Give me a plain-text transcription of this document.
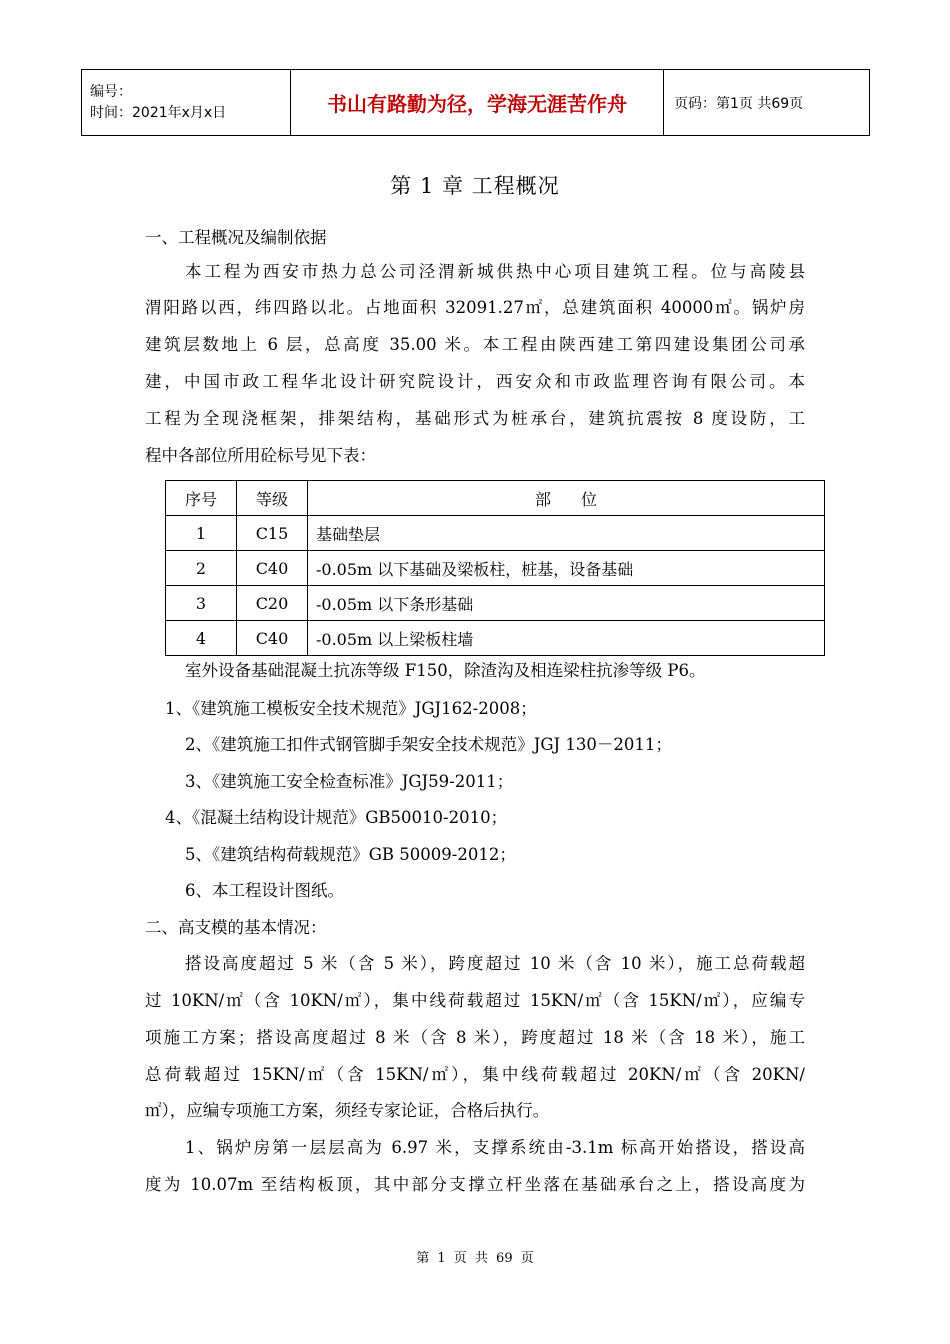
编号：
时间：2021年x月x日	书山有路勤为径，学海无涯苦作舟	页码：第1页 共69页
第 1 章 工程概况
一、工程概况及编制依据
本工程为西安市热力总公司泾渭新城供热中心项目建筑工程。位与高陵县
渭阳路以西，纬四路以北。占地面积 32091.27㎡，总建筑面积 40000㎡。锅炉房
建筑层数地上 6 层，总高度 35.00 米。本工程由陕西建工第四建设集团公司承
建，中国市政工程华北设计研究院设计，西安众和市政监理咨询有限公司。本
工程为全现浇框架，排架结构，基础形式为桩承台，建筑抗震按 8 度设防，工
程中各部位所用砼标号见下表：
序号	等级	部位
1	C15	基础垫层
2	C40	-0.05m 以下基础及梁板柱，桩基，设备基础
3	C20	-0.05m 以下条形基础
4	C40	-0.05m 以上梁板柱墙
室外设备基础混凝土抗冻等级 F150，除渣沟及相连梁柱抗渗等级 P6。
1、《建筑施工模板安全技术规范》JGJ162-2008；
2、《建筑施工扣件式钢管脚手架安全技术规范》JGJ 130－2011；
3、《建筑施工安全检查标准》JGJ59-2011；
4、《混凝土结构设计规范》GB50010-2010；
5、《建筑结构荷载规范》GB 50009-2012；
6、本工程设计图纸。
二、高支模的基本情况：
搭设高度超过 5 米（含 5 米），跨度超过 10 米（含 10 米），施工总荷载超
过 10KN/㎡（含 10KN/㎡），集中线荷载超过 15KN/㎡（含 15KN/㎡），应编专
项施工方案；搭设高度超过 8 米（含 8 米），跨度超过 18 米（含 18 米），施工
总荷载超过 15KN/㎡（含 15KN/㎡），集中线荷载超过 20KN/㎡（含 20KN/
㎡），应编专项施工方案，须经专家论证，合格后执行。
1、锅炉房第一层层高为 6.97 米，支撑系统由-3.1m 标高开始搭设，搭设高
度为 10.07m 至结构板顶，其中部分支撑立杆坐落在基础承台之上，搭设高度为
第 1 页 共 69 页
